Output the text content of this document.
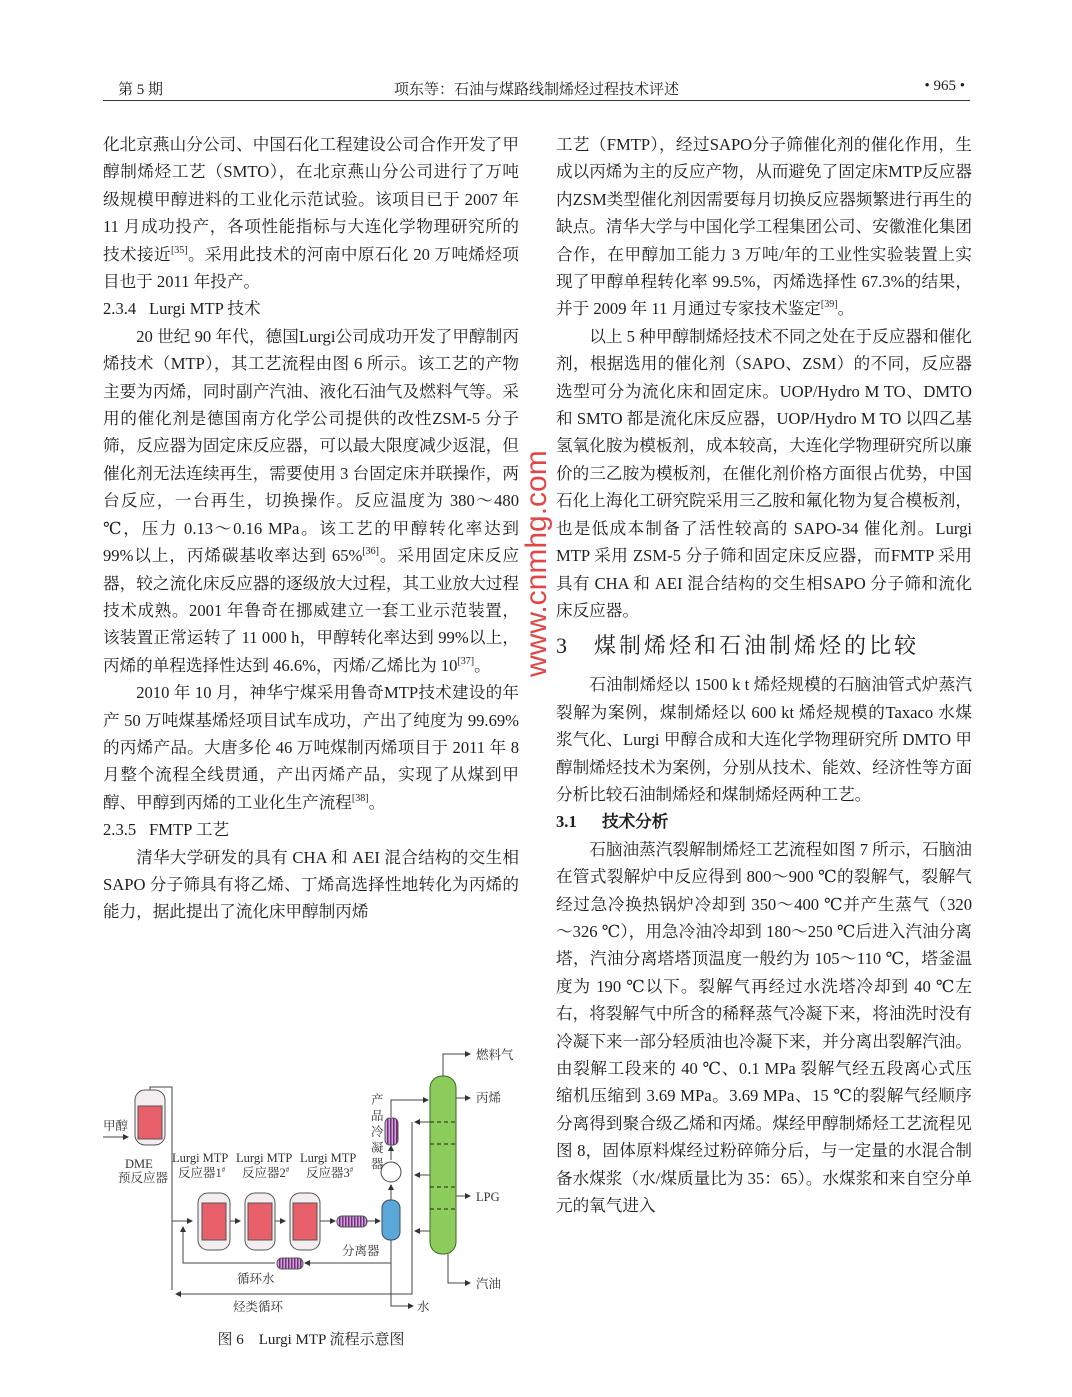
第 5 期	项东等：石油与煤路线制烯烃过程技术评述	• 965 •

化北京燕山分公司、中国石化工程建设公司合作开发了甲醇制烯烃工艺（SMTO），在北京燕山分公司进行了万吨级规模甲醇进料的工业化示范试验。该项目已于 2007 年 11 月成功投产，各项性能指标与大连化学物理研究所的技术接近[35]。采用此技术的河南中原石化 20 万吨烯烃项目也于 2011 年投产。

2.3.4 Lurgi MTP 技术

20 世纪 90 年代，德国Lurgi公司成功开发了甲醇制丙烯技术（MTP），其工艺流程由图 6 所示。该工艺的产物主要为丙烯，同时副产汽油、液化石油气及燃料气等。采用的催化剂是德国南方化学公司提供的改性ZSM-5 分子筛，反应器为固定床反应器，可以最大限度减少返混，但催化剂无法连续再生，需要使用 3 台固定床并联操作，两台反应，一台再生，切换操作。反应温度为 380～480 ℃，压力 0.13～0.16 MPa。该工艺的甲醇转化率达到 99%以上，丙烯碳基收率达到 65%[36]。采用固定床反应器，较之流化床反应器的逐级放大过程，其工业放大过程技术成熟。2001 年鲁奇在挪威建立一套工业示范装置，该装置正常运转了 11 000 h，甲醇转化率达到 99%以上，丙烯的单程选择性达到 46.6%，丙烯/乙烯比为 10[37]。

2010 年 10 月，神华宁煤采用鲁奇MTP技术建设的年产 50 万吨煤基烯烃项目试车成功，产出了纯度为 99.69%的丙烯产品。大唐多伦 46 万吨煤制丙烯项目于 2011 年 8 月整个流程全线贯通，产出丙烯产品，实现了从煤到甲醇、甲醇到丙烯的工业化生产流程[38]。

2.3.5 FMTP 工艺

清华大学研发的具有 CHA 和 AEI 混合结构的交生相 SAPO 分子筛具有将乙烯、丁烯高选择性地转化为丙烯的能力，据此提出了流化床甲醇制丙烯

甲醇
DME
预反应器
Lurgi MTP
反应器1#
Lurgi MTP
反应器2#
Lurgi MTP
反应器3#
产
品
冷
凝
器
分离器
循环水
烃类循环	水
燃料气
丙烯
LPG
汽油
图 6　Lurgi MTP 流程示意图

工艺（FMTP），经过SAPO分子筛催化剂的催化作用，生成以丙烯为主的反应产物，从而避免了固定床MTP反应器内ZSM类型催化剂因需要每月切换反应器频繁进行再生的缺点。清华大学与中国化学工程集团公司、安徽淮化集团合作，在甲醇加工能力 3 万吨/年的工业性实验装置上实现了甲醇单程转化率 99.5%，丙烯选择性 67.3%的结果，并于 2009 年 11 月通过专家技术鉴定[39]。

以上 5 种甲醇制烯烃技术不同之处在于反应器和催化剂，根据选用的催化剂（SAPO、ZSM）的不同，反应器选型可分为流化床和固定床。UOP/Hydro M TO、DMTO 和 SMTO 都是流化床反应器，UOP/Hydro M TO 以四乙基氢氧化胺为模板剂，成本较高，大连化学物理研究所以廉价的三乙胺为模板剂，在催化剂价格方面很占优势，中国石化上海化工研究院采用三乙胺和氟化物为复合模板剂，也是低成本制备了活性较高的 SAPO-34 催化剂。Lurgi MTP 采用 ZSM-5 分子筛和固定床反应器，而FMTP 采用具有 CHA 和 AEI 混合结构的交生相SAPO 分子筛和流化床反应器。

3 煤制烯烃和石油制烯烃的比较

石油制烯烃以 1500 k t 烯烃规模的石脑油管式炉蒸汽裂解为案例，煤制烯烃以 600 kt 烯烃规模的Taxaco 水煤浆气化、Lurgi 甲醇合成和大连化学物理研究所 DMTO 甲醇制烯烃技术为案例，分别从技术、能效、经济性等方面分析比较石油制烯烃和煤制烯烃两种工艺。

3.1 技术分析

石脑油蒸汽裂解制烯烃工艺流程如图 7 所示，石脑油在管式裂解炉中反应得到 800～900 ℃的裂解气，裂解气经过急冷换热锅炉冷却到 350～400 ℃并产生蒸气（320～326 ℃），用急冷油冷却到 180～250 ℃后进入汽油分离塔，汽油分离塔塔顶温度一般约为 105～110 ℃，塔釜温度为 190 ℃以下。裂解气再经过水洗塔冷却到 40 ℃左右，将裂解气中所含的稀释蒸气冷凝下来，将油洗时没有冷凝下来一部分轻质油也冷凝下来，并分离出裂解汽油。由裂解工段来的 40 ℃、0.1 MPa 裂解气经五段离心式压缩机压缩到 3.69 MPa。3.69 MPa、15 ℃的裂解气经顺序分离得到聚合级乙烯和丙烯。煤经甲醇制烯烃工艺流程见图 8，固体原料煤经过粉碎筛分后，与一定量的水混合制备水煤浆（水/煤质量比为 35：65）。水煤浆和来自空分单元的氧气进入

www.cnmhg.com
